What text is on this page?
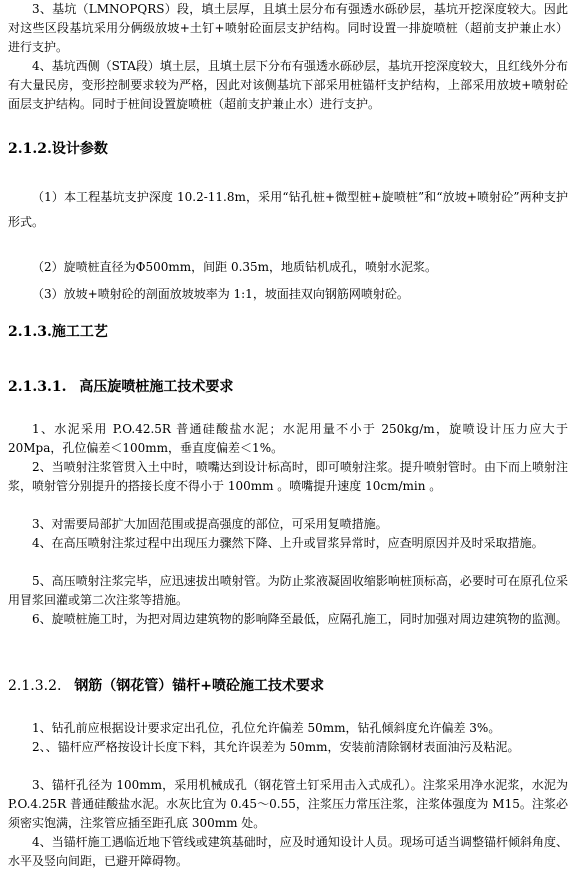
3、基坑（LMNOPQRS）段，填土层厚，且填土层分布有强透水砾砂层，基坑开挖深度较大。因此对这些区段基坑采用分俩级放坡+土钉+喷射砼面层支护结构。同时设置一排旋喷桩（超前支护兼止水）进行支护。

4、基坑西侧（STA段）填土层，且填土层下分布有强透水砾砂层，基坑开挖深度较大，且红线外分布有大量民房，变形控制要求较为严格，因此对该侧基坑下部采用桩锚杆支护结构，上部采用放坡+喷射砼面层支护结构。同时于桩间设置旋喷桩（超前支护兼止水）进行支护。

2.1.2.设计参数

（1）本工程基坑支护深度 10.2-11.8m，采用“钻孔桩+微型桩+旋喷桩”和“放坡+喷射砼”两种支护形式。

（2）旋喷桩直径为Φ500mm，间距 0.35m，地质钻机成孔，喷射水泥浆。

（3）放坡+喷射砼的剖面放坡坡率为 1:1，坡面挂双向钢筋网喷射砼。

2.1.3.施工工艺

2.1.3.1. 高压旋喷桩施工技术要求

1、水泥采用 P.O.42.5R 普通硅酸盐水泥；水泥用量不小于 250kg/m，旋喷设计压力应大于 20Mpa，孔位偏差＜100mm，垂直度偏差＜1%。

2、当喷射注浆管贯入土中时，喷嘴达到设计标高时，即可喷射注浆。提升喷射管时。由下而上喷射注浆，喷射管分别提升的搭接长度不得小于 100mm 。喷嘴提升速度 10cm/min 。

3、对需要局部扩大加固范围或提高强度的部位，可采用复喷措施。

4、在高压喷射注浆过程中出现压力骤然下降、上升或冒浆异常时，应查明原因并及时采取措施。

5、高压喷射注浆完毕，应迅速拔出喷射管。为防止浆液凝固收缩影响桩顶标高，必要时可在原孔位采用冒浆回灌或第二次注浆等措施。

6、旋喷桩施工时，为把对周边建筑物的影响降至最低，应隔孔施工，同时加强对周边建筑物的监测。

2.1.3.2. 钢筋（钢花管）锚杆+喷砼施工技术要求

1、钻孔前应根据设计要求定出孔位，孔位允许偏差 50mm，钻孔倾斜度允许偏差 3%。

2、、锚杆应严格按设计长度下料，其允许误差为 50mm，安装前清除钢材表面油污及粘泥。

3、锚杆孔径为 100mm，采用机械成孔（钢花管土钉采用击入式成孔）。注浆采用净水泥浆，水泥为 P.O.4.25R 普通硅酸盐水泥。水灰比宜为 0.45～0.55，注浆压力常压注浆，注浆体强度为 M15。注浆必须密实饱满，注浆管应插至距孔底 300mm 处。

4、当锚杆施工遇临近地下管线或建筑基础时，应及时通知设计人员。现场可适当调整锚杆倾斜角度、水平及竖向间距，已避开障碍物。
